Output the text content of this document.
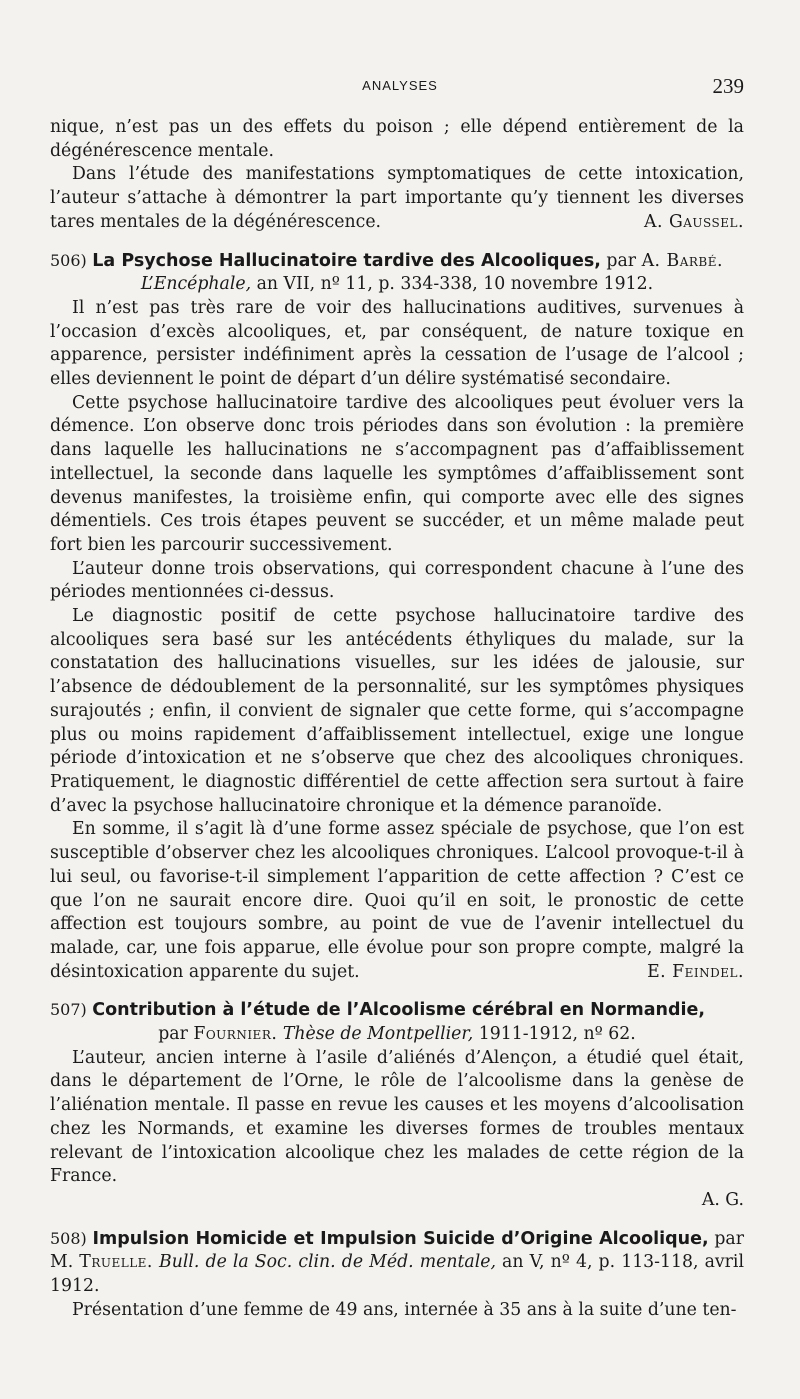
ANALYSES	239

nique, n’est pas un des effets du poison ; elle dépend entièrement de la dégénérescence mentale.

Dans l’étude des manifestations symptomatiques de cette intoxication, l’auteur s’attache à démontrer la part importante qu’y tiennent les diverses tares mentales de la dégénérescence.	A. Gaussel.

506) La Psychose Hallucinatoire tardive des Alcooliques, par A. Barbé.
L’Encéphale, an VII, nº 11, p. 334-338, 10 novembre 1912.

Il n’est pas très rare de voir des hallucinations auditives, survenues à l’occasion d’excès alcooliques, et, par conséquent, de nature toxique en apparence, persister indéfiniment après la cessation de l’usage de l’alcool ; elles deviennent le point de départ d’un délire systématisé secondaire.

Cette psychose hallucinatoire tardive des alcooliques peut évoluer vers la démence. L’on observe donc trois périodes dans son évolution : la première dans laquelle les hallucinations ne s’accompagnent pas d’affaiblissement intellectuel, la seconde dans laquelle les symptômes d’affaiblissement sont devenus manifestes, la troisième enfin, qui comporte avec elle des signes démentiels. Ces trois étapes peuvent se succéder, et un même malade peut fort bien les parcourir successivement.

L’auteur donne trois observations, qui correspondent chacune à l’une des périodes mentionnées ci-dessus.

Le diagnostic positif de cette psychose hallucinatoire tardive des alcooliques sera basé sur les antécédents éthyliques du malade, sur la constatation des hallucinations visuelles, sur les idées de jalousie, sur l’absence de dédoublement de la personnalité, sur les symptômes physiques surajoutés ; enfin, il convient de signaler que cette forme, qui s’accompagne plus ou moins rapidement d’affaiblissement intellectuel, exige une longue période d’intoxication et ne s’observe que chez des alcooliques chroniques. Pratiquement, le diagnostic différentiel de cette affection sera surtout à faire d’avec la psychose hallucinatoire chronique et la démence paranoïde.

En somme, il s’agit là d’une forme assez spéciale de psychose, que l’on est susceptible d’observer chez les alcooliques chroniques. L’alcool provoque-t-il à lui seul, ou favorise-t-il simplement l’apparition de cette affection ? C’est ce que l’on ne saurait encore dire. Quoi qu’il en soit, le pronostic de cette affection est toujours sombre, au point de vue de l’avenir intellectuel du malade, car, une fois apparue, elle évolue pour son propre compte, malgré la désintoxication apparente du sujet.	E. Feindel.

507) Contribution à l’étude de l’Alcoolisme cérébral en Normandie,
par Fournier. Thèse de Montpellier, 1911-1912, nº 62.

L’auteur, ancien interne à l’asile d’aliénés d’Alençon, a étudié quel était, dans le département de l’Orne, le rôle de l’alcoolisme dans la genèse de l’aliénation mentale. Il passe en revue les causes et les moyens d’alcoolisation chez les Normands, et examine les diverses formes de troubles mentaux relevant de l’intoxication alcoolique chez les malades de cette région de la France.

A. G.

508) Impulsion Homicide et Impulsion Suicide d’Origine Alcoolique, par M. Truelle. Bull. de la Soc. clin. de Méd. mentale, an V, nº 4, p. 113-118, avril 1912.

Présentation d’une femme de 49 ans, internée à 35 ans à la suite d’une ten-
